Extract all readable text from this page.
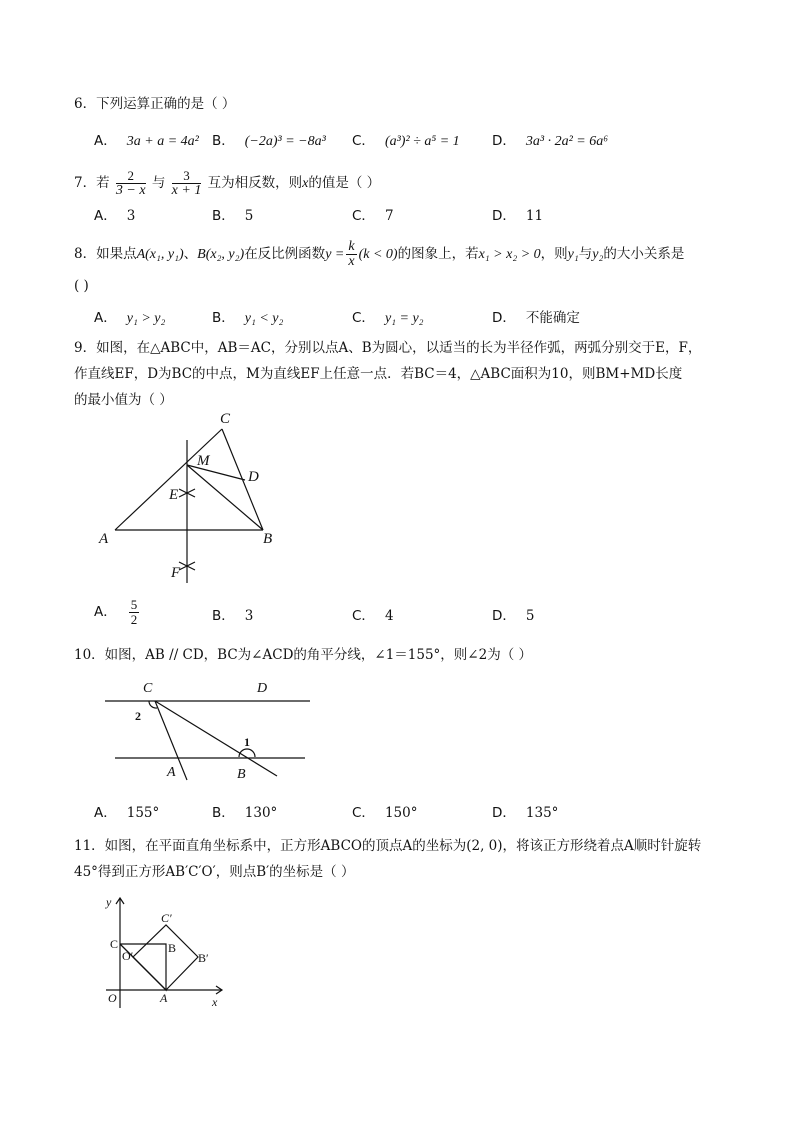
6．下列运算正确的是（ ）
A． 3a + a = 4a² B． (−2a)³ = −8a³ C． (a³)² ÷ a⁵ = 1 D． 3a³ · 2a² = 6a⁶
7．若 $\frac{2}{3 - x}$ 与 $\frac{3}{x + 1}$ 互为相反数，则x的值是（ ）
A． 3	B． 5	C． 7	D． 11
8．如果点A(x₁, y₁)、B(x₂, y₂)在反比例函数$y = \frac{k}{x} (k < 0)$的图象上，若x₁ > x₂ > 0，则y₁与y₂的大小关系是
( )
A． y₁ > y₂	B． y₁ < y₂	C． y₁ = y₂	D． 不能确定
9．如图，在△ABC中，AB＝AC，分别以点A、B为圆心，以适当的长为半径作弧，两弧分别交于E，F，
作直线EF，D为BC的中点，M为直线EF上任意一点．若BC＝4，△ABC面积为10，则BM+MD长度
的最小值为（ ）
C
M
D
E
A	B
F
A． $\frac{5}{2}$	B． 3	C． 4	D． 5
10．如图，AB // CD，BC为∠ACD的角平分线，∠1＝155°，则∠2为（ ）
C	D
2
1
A	B
A． 155°	B． 130°	C． 150°	D． 135°
11．如图，在平面直角坐标系中，正方形ABCO的顶点A的坐标为(2, 0)，将该正方形绕着点A顺时针旋转
45°得到正方形AB′C′O′，则点B′的坐标是（ ）
y
C′
C	B
O′	B′
O	A	x
